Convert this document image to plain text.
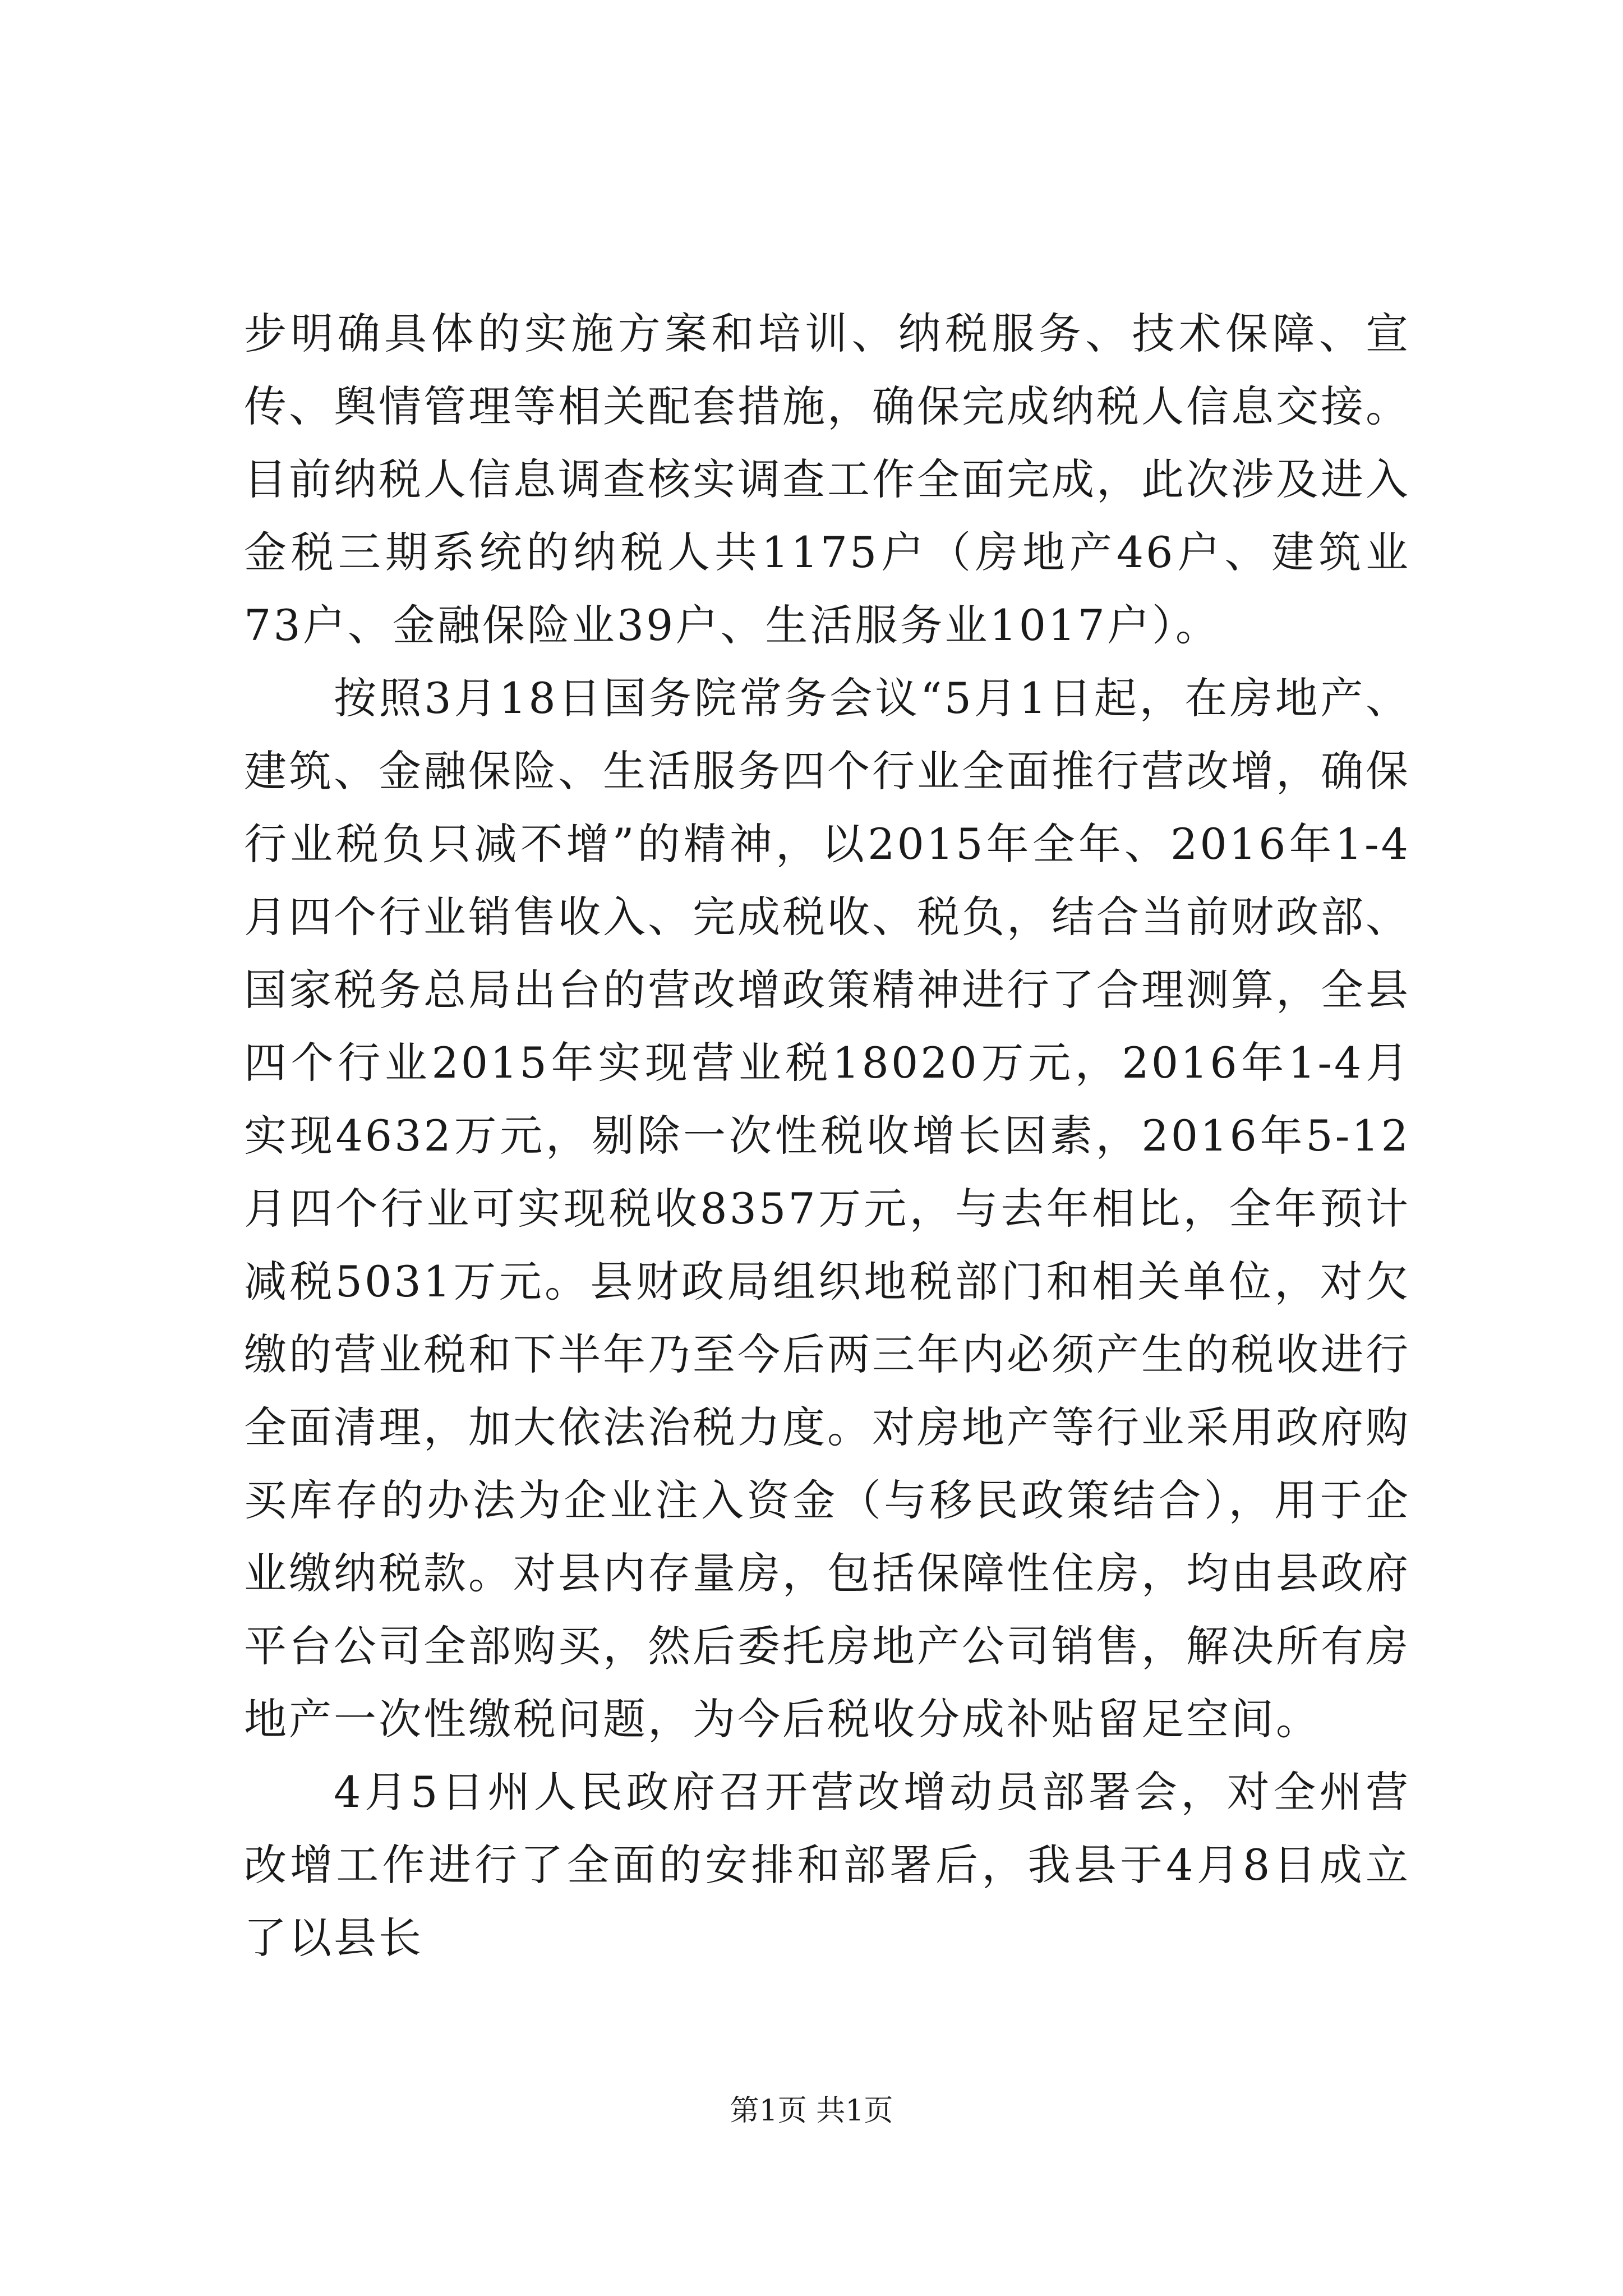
步明确具体的实施方案和培训、纳税服务、技术保障、宣传、舆情管理等相关配套措施，确保完成纳税人信息交接。目前纳税人信息调查核实调查工作全面完成，此次涉及进入金税三期系统的纳税人共1175户（房地产46户、建筑业73户、金融保险业39户、生活服务业1017户）。

按照3月18日国务院常务会议“5月1日起，在房地产、建筑、金融保险、生活服务四个行业全面推行营改增，确保行业税负只减不增”的精神，以2015年全年、2016年1-4月四个行业销售收入、完成税收、税负，结合当前财政部、国家税务总局出台的营改增政策精神进行了合理测算，全县四个行业2015年实现营业税18020万元，2016年1-4月实现4632万元，剔除一次性税收增长因素，2016年5-12月四个行业可实现税收8357万元，与去年相比，全年预计减税5031万元。县财政局组织地税部门和相关单位，对欠缴的营业税和下半年乃至今后两三年内必须产生的税收进行全面清理，加大依法治税力度。对房地产等行业采用政府购买库存的办法为企业注入资金（与移民政策结合），用于企业缴纳税款。对县内存量房，包括保障性住房，均由县政府平台公司全部购买，然后委托房地产公司销售，解决所有房地产一次性缴税问题，为今后税收分成补贴留足空间。

4月5日州人民政府召开营改增动员部署会，对全州营改增工作进行了全面的安排和部署后，我县于4月8日成立了以县长

第1页 共1页
